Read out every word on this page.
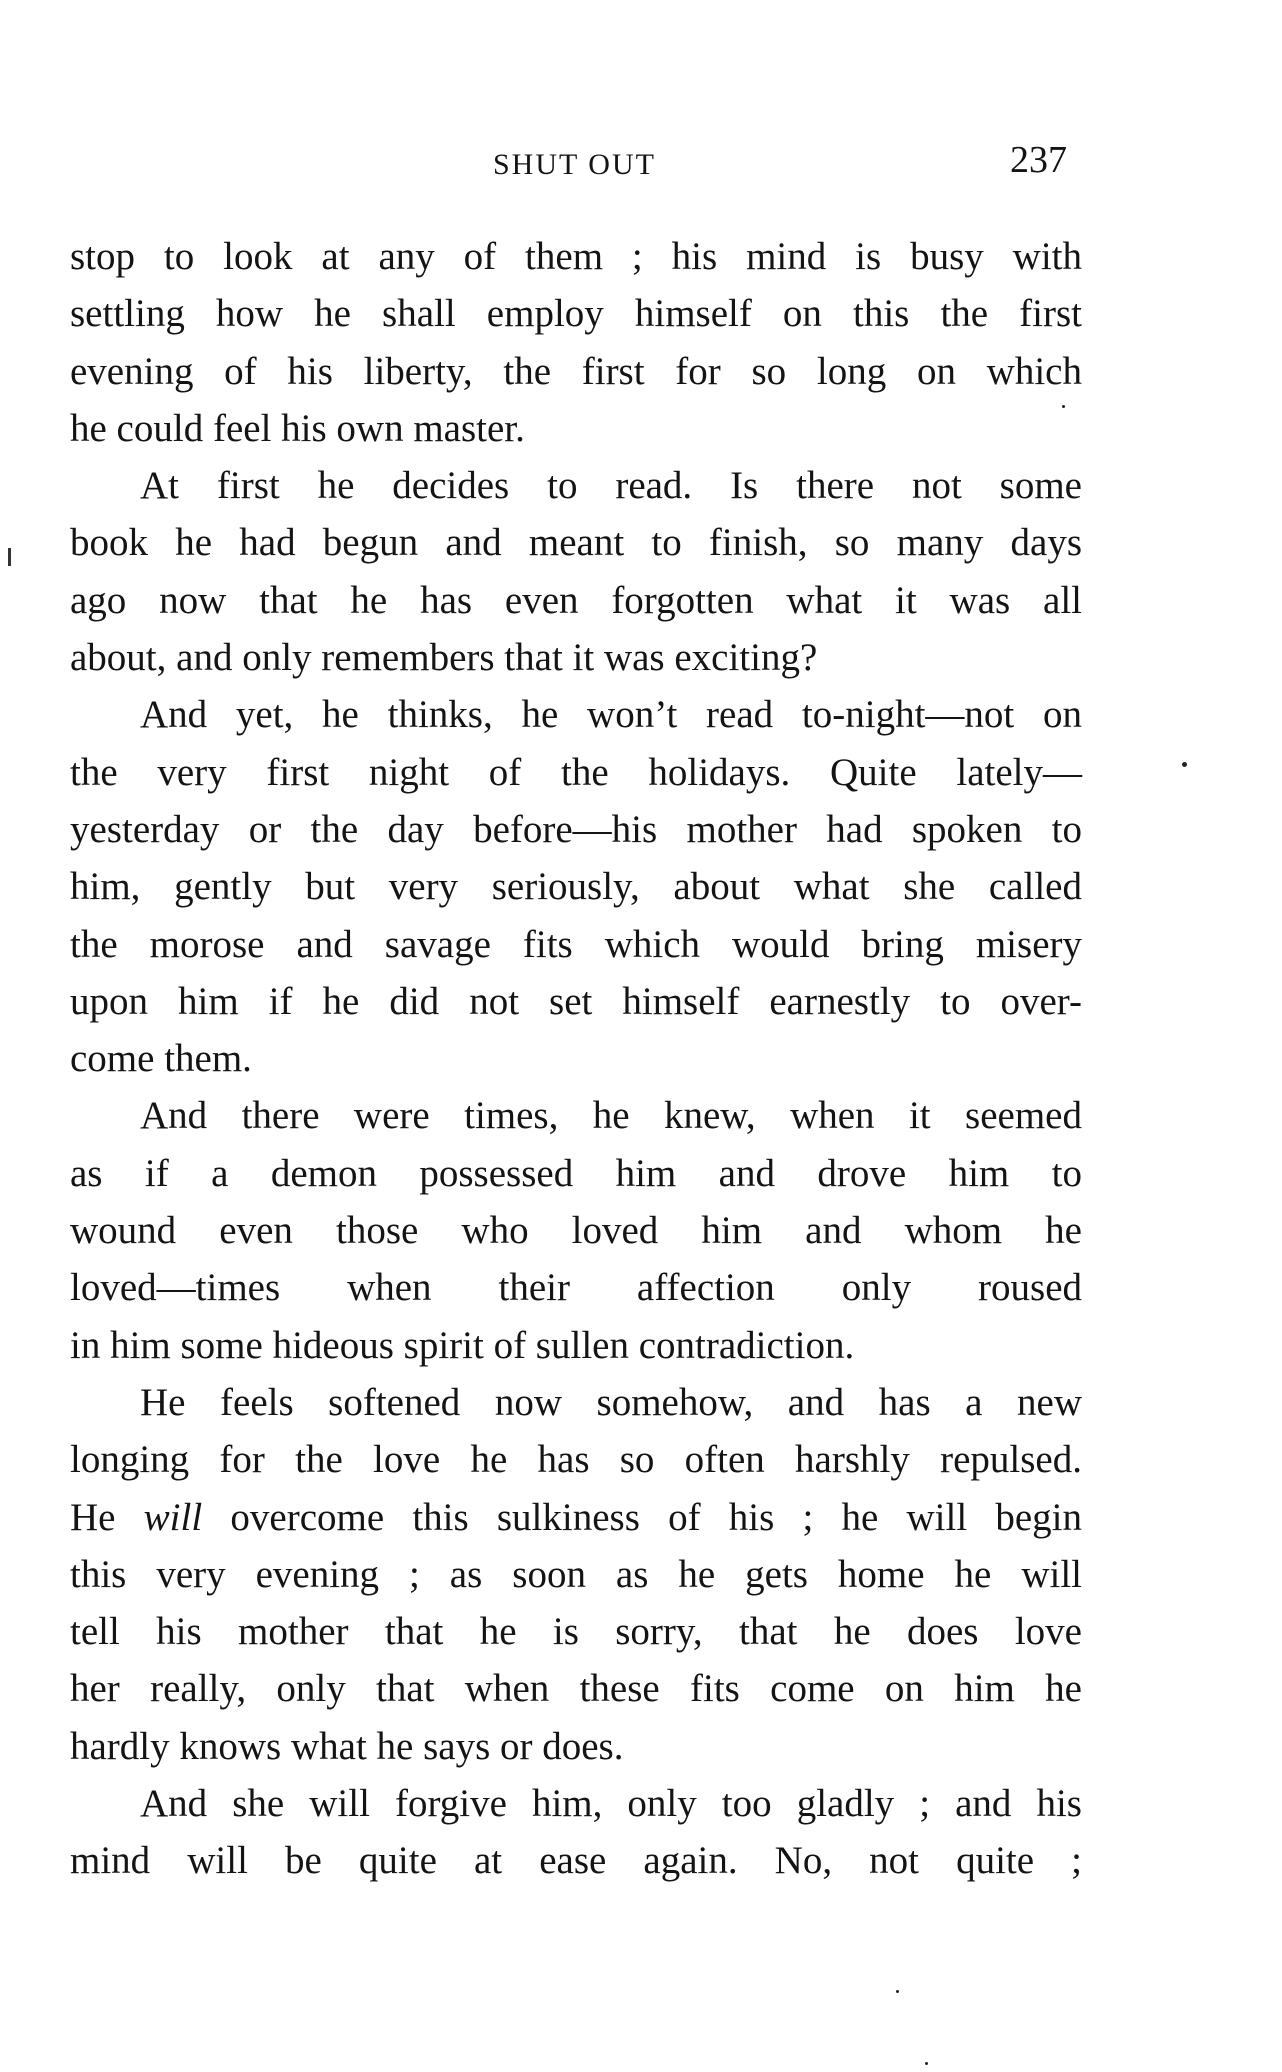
SHUT OUT	237
stop to look at any of them ; his mind is busy with
settling how he shall employ himself on this the first
evening of his liberty, the first for so long on which
he could feel his own master.
At first he decides to read. Is there not some
book he had begun and meant to finish, so many days
ago now that he has even forgotten what it was all
about, and only remembers that it was exciting?
And yet, he thinks, he won’t read to-night—not on
the very first night of the holidays. Quite lately—
yesterday or the day before—his mother had spoken to
him, gently but very seriously, about what she called
the morose and savage fits which would bring misery
upon him if he did not set himself earnestly to over-
come them.
And there were times, he knew, when it seemed
as if a demon possessed him and drove him to
wound even those who loved him and whom he
loved—times when their affection only roused
in him some hideous spirit of sullen contradiction.
He feels softened now somehow, and has a new
longing for the love he has so often harshly repulsed.
He will overcome this sulkiness of his ; he will begin
this very evening ; as soon as he gets home he will
tell his mother that he is sorry, that he does love
her really, only that when these fits come on him he
hardly knows what he says or does.
And she will forgive him, only too gladly ; and his
mind will be quite at ease again. No, not quite ;
